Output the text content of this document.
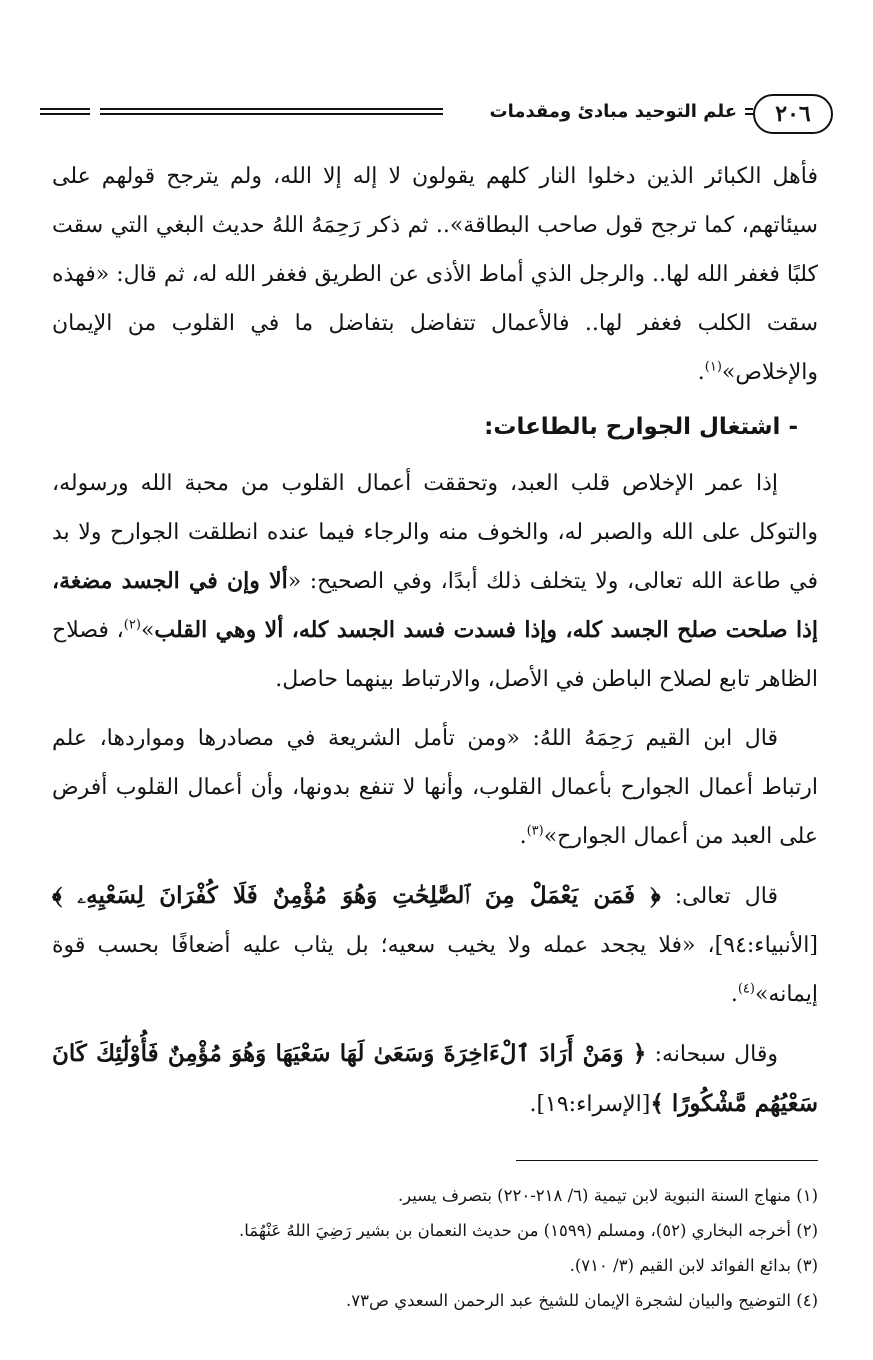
٢٠٦
علم التوحيد مبادئ ومقدمات

فأهل الكبائر الذين دخلوا النار كلهم يقولون لا إله إلا الله، ولم يترجح قولهم على سيئاتهم، كما ترجح قول صاحب البطاقة».. ثم ذكر رَحِمَهُ اللهُ حديث البغي التي سقت كلبًا فغفر الله لها.. والرجل الذي أماط الأذى عن الطريق فغفر الله له، ثم قال: «فهذه سقت الكلب فغفر لها.. فالأعمال تتفاضل بتفاضل ما في القلوب من الإيمان والإخلاص»$^{(١)}$.

- اشتغال الجوارح بالطاعات:

إذا عمر الإخلاص قلب العبد، وتحققت أعمال القلوب من محبة الله ورسوله، والتوكل على الله والصبر له، والخوف منه والرجاء فيما عنده انطلقت الجوارح ولا بد في طاعة الله تعالى، ولا يتخلف ذلك أبدًا، وفي الصحيح: «ألا وإن في الجسد مضغة، إذا صلحت صلح الجسد كله، وإذا فسدت فسد الجسد كله، ألا وهي القلب»$^{(٢)}$، فصلاح الظاهر تابع لصلاح الباطن في الأصل، والارتباط بينهما حاصل.

قال ابن القيم رَحِمَهُ اللهُ: «ومن تأمل الشريعة في مصادرها ومواردها، علم ارتباط أعمال الجوارح بأعمال القلوب، وأنها لا تنفع بدونها، وأن أعمال القلوب أفرض على العبد من أعمال الجوارح»$^{(٣)}$.

قال تعالى: ﴿ فَمَن يَعْمَلْ مِنَ ٱلصَّٰلِحَٰتِ وَهُوَ مُؤْمِنٌ فَلَا كُفْرَانَ لِسَعْيِهِۦ ﴾[الأنبياء:٩٤]، «فلا يجحد عمله ولا يخيب سعيه؛ بل يثاب عليه أضعافًا بحسب قوة إيمانه»$^{(٤)}$.

وقال سبحانه: ﴿ وَمَنْ أَرَادَ ٱلْءَاخِرَةَ وَسَعَىٰ لَهَا سَعْيَهَا وَهُوَ مُؤْمِنٌ فَأُوْلَٰٓئِكَ كَانَ سَعْيُهُم مَّشْكُورًا ﴾[الإسراء:١٩].

(١) منهاج السنة النبوية لابن تيمية (٦/ ٢١٨-٢٢٠) بتصرف يسير.

(٢) أخرجه البخاري (٥٢)، ومسلم (١٥٩٩) من حديث النعمان بن بشير رَضِيَ اللهُ عَنْهُمَا.

(٣) بدائع الفوائد لابن القيم (٣/ ٧١٠).

(٤) التوضيح والبيان لشجرة الإيمان للشيخ عبد الرحمن السعدي ص٧٣.
